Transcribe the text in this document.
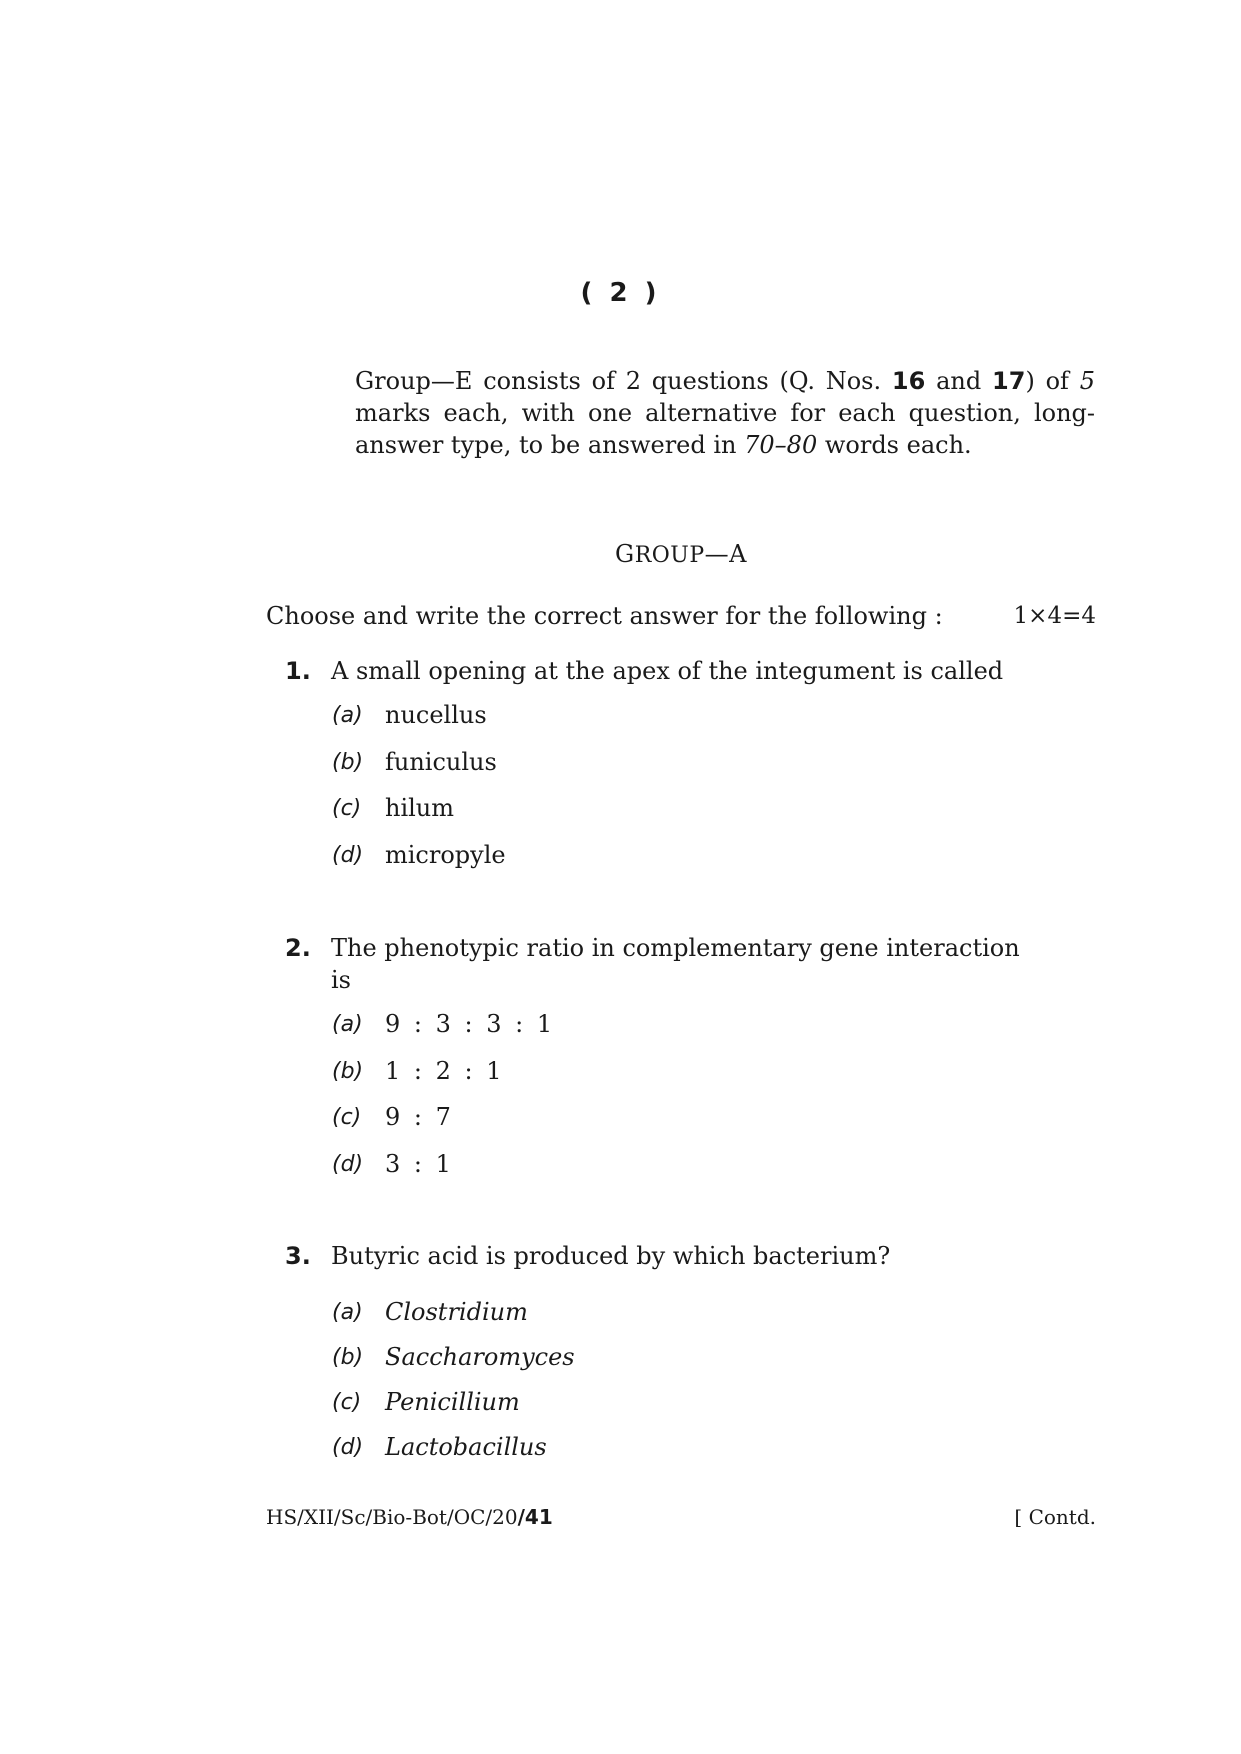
( 2 )
Group—E consists of 2 questions (Q. Nos. 16 and 17) of 5 marks each, with one alternative for each question, long-answer type, to be answered in 70–80 words each.
GROUP—A
Choose and write the correct answer for the following :	1×4=4
1. A small opening at the apex of the integument is called
(a) nucellus
(b) funiculus
(c) hilum
(d) micropyle
2. The phenotypic ratio in complementary gene interaction is
(a) 9 : 3 : 3 : 1
(b) 1 : 2 : 1
(c) 9 : 7
(d) 3 : 1
3. Butyric acid is produced by which bacterium?
(a) Clostridium
(b) Saccharomyces
(c) Penicillium
(d) Lactobacillus
HS/XII/Sc/Bio-Bot/OC/20/41	[ Contd.
